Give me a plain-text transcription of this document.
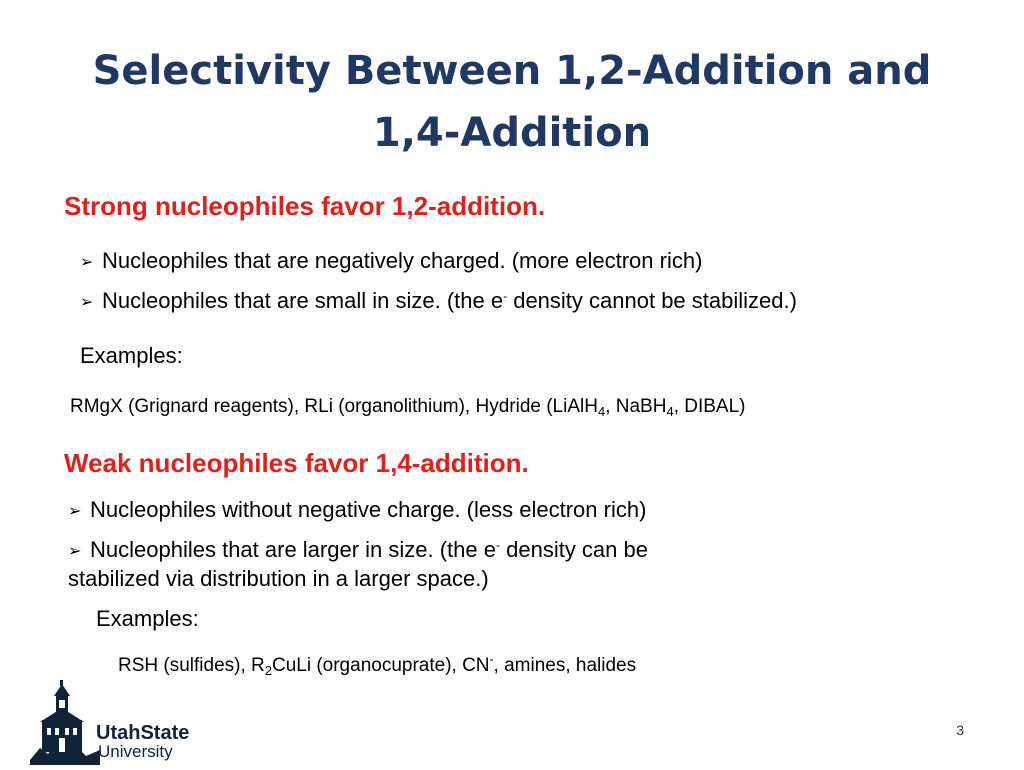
Selectivity Between 1,2-Addition and
1,4-Addition
Strong nucleophiles favor 1,2-addition.
➢ Nucleophiles that are negatively charged. (more electron rich)
➢ Nucleophiles that are small in size. (the e- density cannot be stabilized.)
Examples:
RMgX (Grignard reagents), RLi (organolithium), Hydride (LiAlH$_4$, NaBH$_4$, DIBAL)
Weak nucleophiles favor 1,4-addition.
➢ Nucleophiles without negative charge. (less electron rich)
➢ Nucleophiles that are larger in size. (the e- density can be
stabilized via distribution in a larger space.)
Examples:
RSH (sulfides), $R_2CuLi$ (organocuprate), CN-, amines, halides
UtahState
University
3
